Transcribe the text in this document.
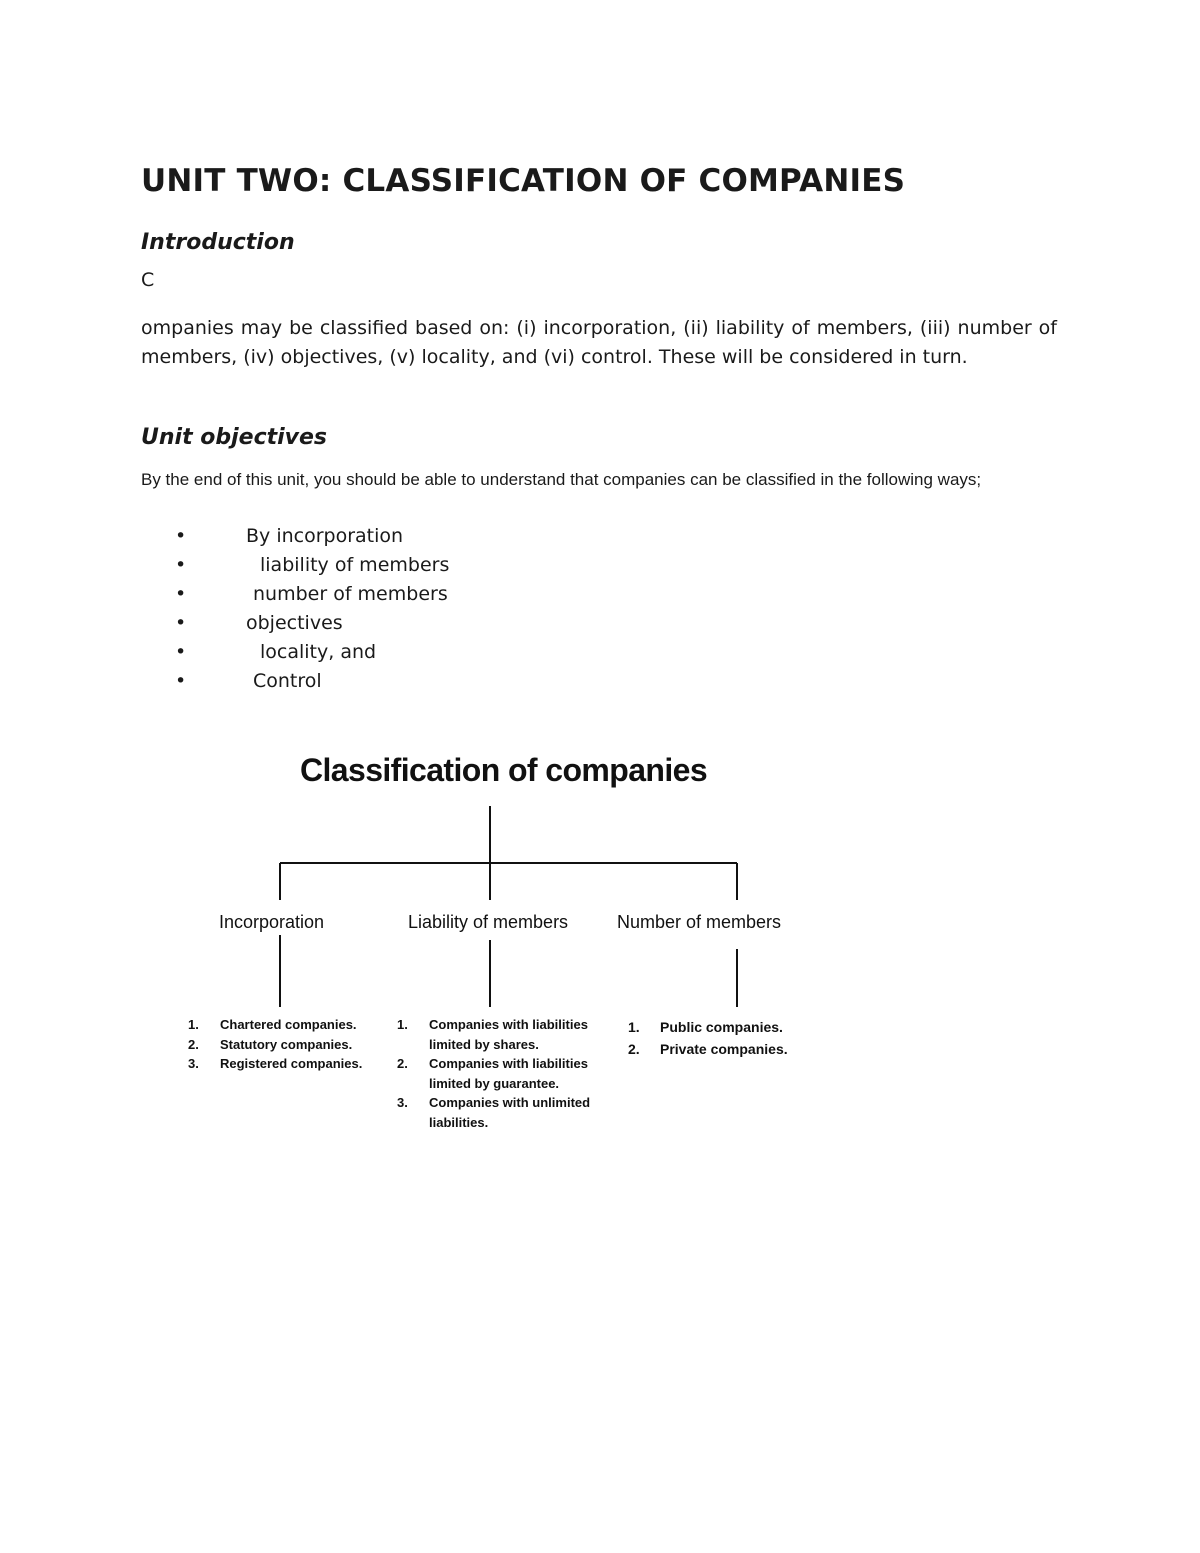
UNIT TWO: CLASSIFICATION OF COMPANIES
Introduction
C

ompanies may be classified based on: (i) incorporation, (ii) liability of members, (iii) number of members, (iv) objectives, (v) locality, and (vi) control. These will be considered in turn.

Unit objectives

By the end of this unit, you should be able to understand that companies can be classified in the following ways;

•	By incorporation
•	liability of members
•	number of members
•	objectives
•	locality, and
•	Control
Classification of companies
Incorporation	Liability of members	Number of members
1. Chartered companies.
2. Statutory companies.
3. Registered companies.
1. Companies with liabilities limited by shares.
2. Companies with liabilities limited by guarantee.
3. Companies with unlimited liabilities.
1. Public companies.
2. Private companies.
